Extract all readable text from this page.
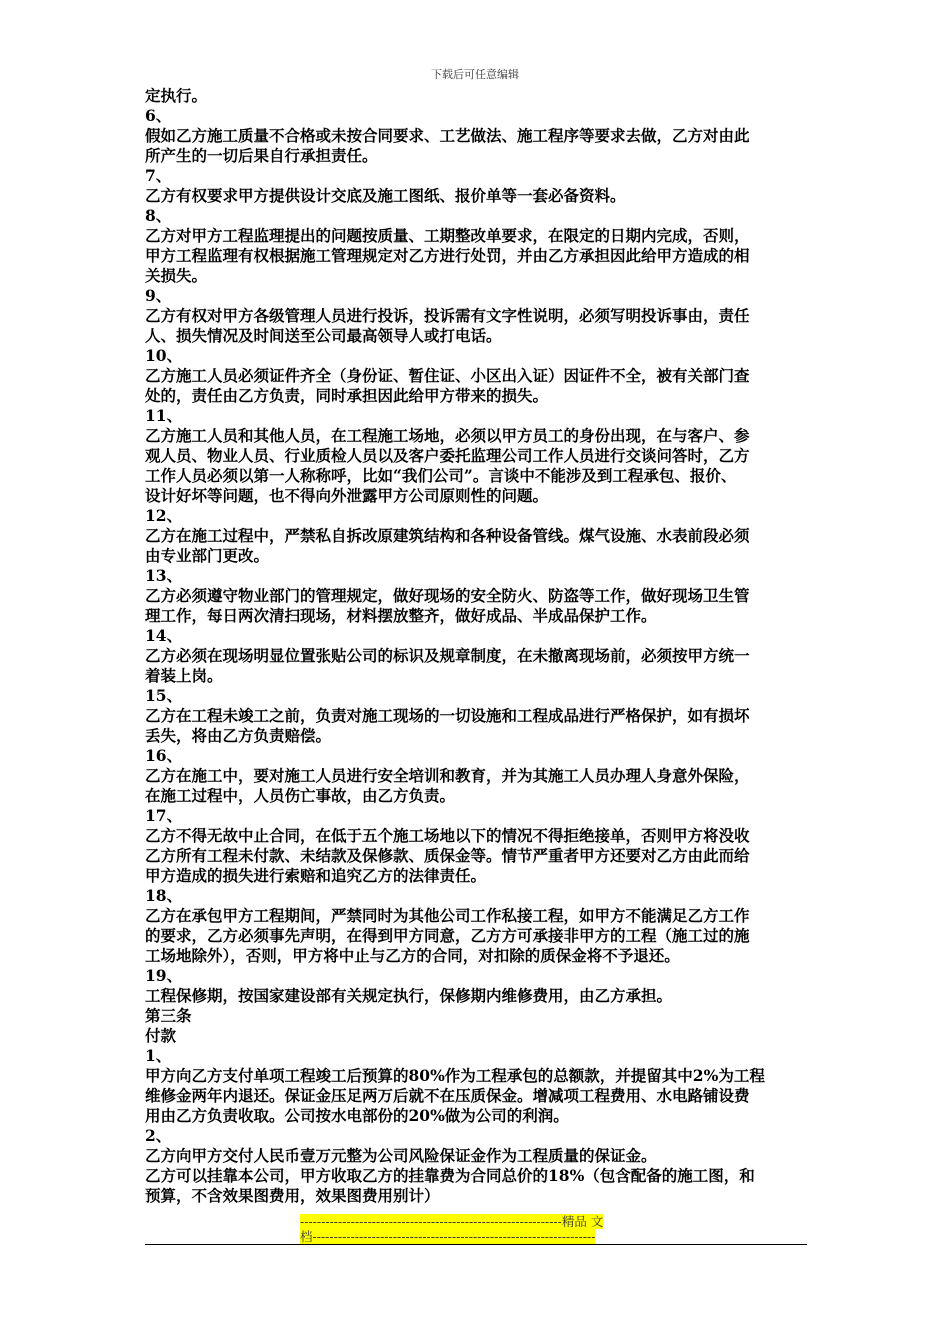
下载后可任意编辑
定执行。
6、
假如乙方施工质量不合格或未按合同要求、工艺做法、施工程序等要求去做，乙方对由此
所产生的一切后果自行承担责任。
7、
乙方有权要求甲方提供设计交底及施工图纸、报价单等一套必备资料。
8、
乙方对甲方工程监理提出的问题按质量、工期整改单要求，在限定的日期内完成，否则，
甲方工程监理有权根据施工管理规定对乙方进行处罚，并由乙方承担因此给甲方造成的相
关损失。
9、
乙方有权对甲方各级管理人员进行投诉，投诉需有文字性说明，必须写明投诉事由，责任
人、损失情况及时间送至公司最高领导人或打电话。
10、
乙方施工人员必须证件齐全（身份证、暂住证、小区出入证）因证件不全，被有关部门查
处的，责任由乙方负责，同时承担因此给甲方带来的损失。
11、
乙方施工人员和其他人员，在工程施工场地，必须以甲方员工的身份出现，在与客户、参
观人员、物业人员、行业质检人员以及客户委托监理公司工作人员进行交谈问答时，乙方
工作人员必须以第一人称称呼，比如“我们公司”。言谈中不能涉及到工程承包、报价、
设计好坏等问题，也不得向外泄露甲方公司原则性的问题。
12、
乙方在施工过程中，严禁私自拆改原建筑结构和各种设备管线。煤气设施、水表前段必须
由专业部门更改。
13、
乙方必须遵守物业部门的管理规定，做好现场的安全防火、防盗等工作，做好现场卫生管
理工作，每日两次清扫现场，材料摆放整齐，做好成品、半成品保护工作。
14、
乙方必须在现场明显位置张贴公司的标识及规章制度，在未撤离现场前，必须按甲方统一
着装上岗。
15、
乙方在工程未竣工之前，负责对施工现场的一切设施和工程成品进行严格保护，如有损坏
丢失，将由乙方负责赔偿。
16、
乙方在施工中，要对施工人员进行安全培训和教育，并为其施工人员办理人身意外保险，
在施工过程中，人员伤亡事故，由乙方负责。
17、
乙方不得无故中止合同，在低于五个施工场地以下的情况不得拒绝接单，否则甲方将没收
乙方所有工程未付款、未结款及保修款、质保金等。情节严重者甲方还要对乙方由此而给
甲方造成的损失进行索赔和追究乙方的法律责任。
18、
乙方在承包甲方工程期间，严禁同时为其他公司工作私接工程，如甲方不能满足乙方工作
的要求，乙方必须事先声明，在得到甲方同意，乙方方可承接非甲方的工程（施工过的施
工场地除外），否则，甲方将中止与乙方的合同，对扣除的质保金将不予退还。
19、
工程保修期，按国家建设部有关规定执行，保修期内维修费用，由乙方承担。
第三条
付款
1、
甲方向乙方支付单项工程竣工后预算的80%作为工程承包的总额款，并提留其中2%为工程
维修金两年内退还。保证金压足两万后就不在压质保金。增减项工程费用、水电路铺设费
用由乙方负责收取。公司按水电部份的20%做为公司的利润。
2、
乙方向甲方交付人民币壹万元整为公司风险保证金作为工程质量的保证金。
乙方可以挂靠本公司，甲方收取乙方的挂靠费为合同总价的18%（包含配备的施工图，和
预算，不含效果图费用，效果图费用别计）
--------------------------------------------------------------精品 文
档-------------------------------------------------------------------
